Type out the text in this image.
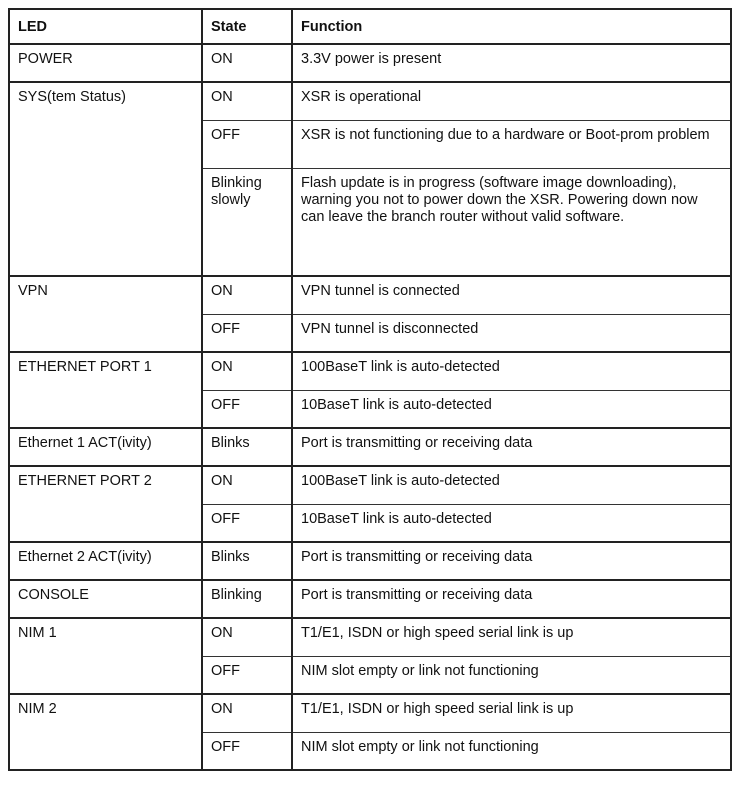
LED	State	Function
POWER	ON	3.3V power is present
SYS(tem Status)	ON	XSR is operational
	OFF	XSR is not functioning due to a hardware or Boot-prom problem
	Blinking slowly	Flash update is in progress (software image downloading), warning you not to power down the XSR. Powering down now can leave the branch router without valid software.
VPN	ON	VPN tunnel is connected
	OFF	VPN tunnel is disconnected
ETHERNET PORT 1	ON	100BaseT link is auto-detected
	OFF	10BaseT link is auto-detected
Ethernet 1 ACT(ivity)	Blinks	Port is transmitting or receiving data
ETHERNET PORT 2	ON	100BaseT link is auto-detected
	OFF	10BaseT link is auto-detected
Ethernet 2 ACT(ivity)	Blinks	Port is transmitting or receiving data
CONSOLE	Blinking	Port is transmitting or receiving data
NIM 1	ON	T1/E1, ISDN or high speed serial link is up
	OFF	NIM slot empty or link not functioning
NIM 2	ON	T1/E1, ISDN or high speed serial link is up
	OFF	NIM slot empty or link not functioning
